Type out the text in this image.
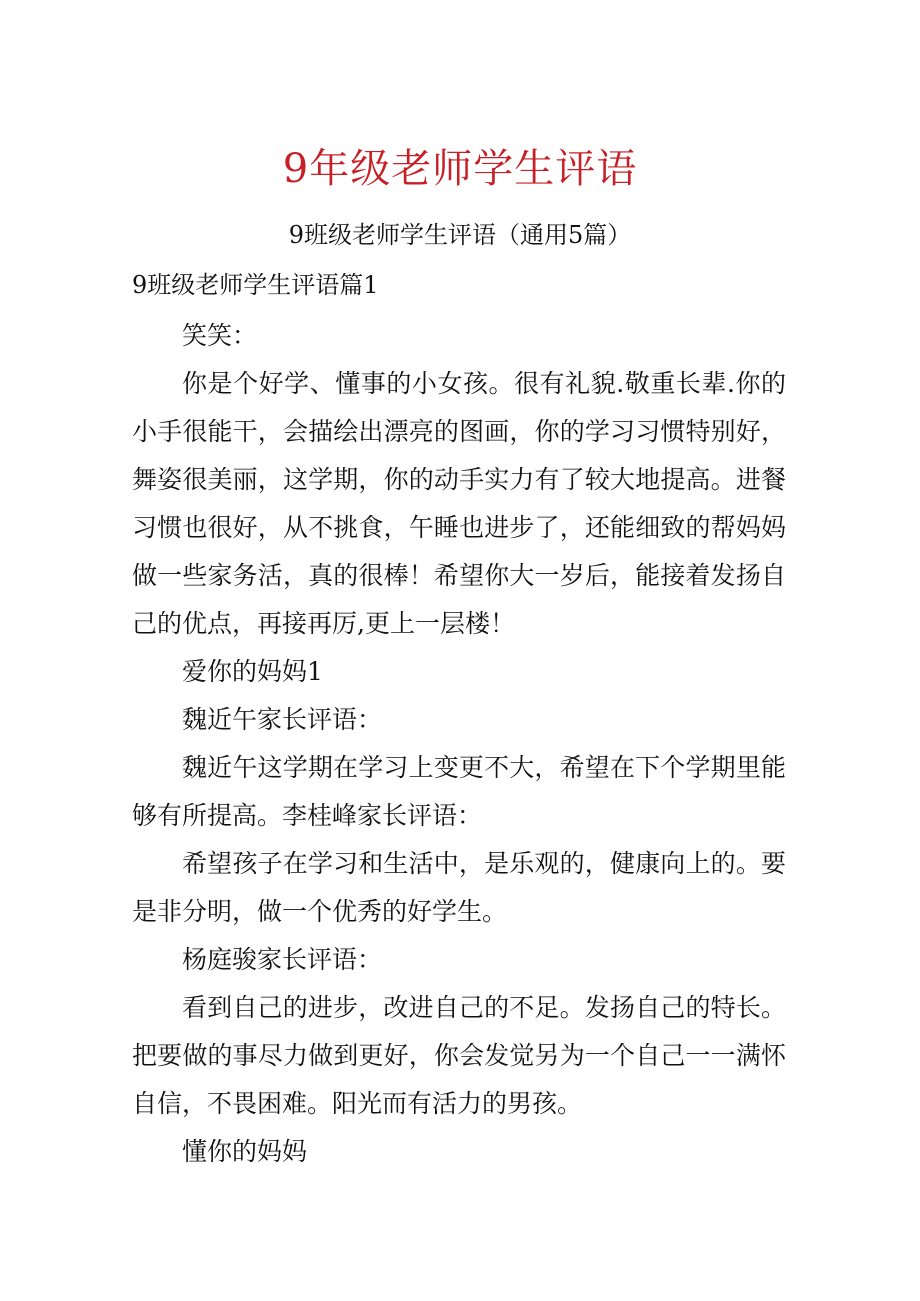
9年级老师学生评语
9班级老师学生评语（通用5篇）
9班级老师学生评语篇1

笑笑：

你是个好学、懂事的小女孩。很有礼貌.敬重长辈.你的小手很能干，会描绘出漂亮的图画，你的学习习惯特别好，舞姿很美丽，这学期，你的动手实力有了较大地提高。进餐习惯也很好，从不挑食，午睡也进步了，还能细致的帮妈妈做一些家务活，真的很棒！希望你大一岁后，能接着发扬自己的优点，再接再厉,更上一层楼！

爱你的妈妈1

魏近午家长评语：

魏近午这学期在学习上变更不大，希望在下个学期里能够有所提高。李桂峰家长评语：

希望孩子在学习和生活中，是乐观的，健康向上的。要是非分明，做一个优秀的好学生。

杨庭骏家长评语：

看到自己的进步，改进自己的不足。发扬自己的特长。把要做的事尽力做到更好，你会发觉另为一个自己一一满怀自信，不畏困难。阳光而有活力的男孩。

懂你的妈妈
